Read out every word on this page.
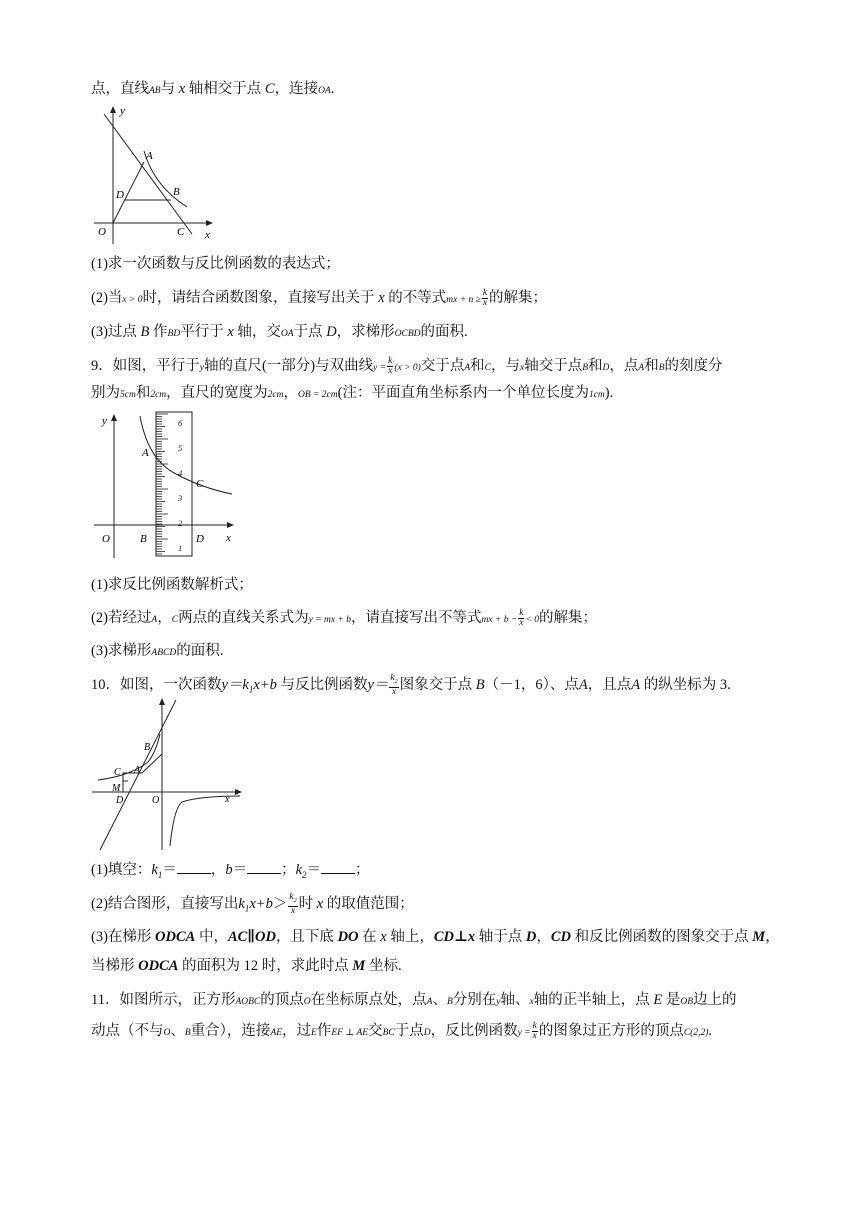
点，直线AB与 x 轴相交于点 C，连接OA.
y
x
A
B
C
D
O
(1)求一次函数与反比例函数的表达式；
(2)当x > 0时，请结合函数图象，直接写出关于 x 的不等式mx + $n \ge \frac{k}{x}$ 的解集；
(3)过点 B 作BD平行于 x 轴，交OA于点 D，求梯形OCBD的面积.
9．如图，平行于y轴的直尺(一部分)与双曲线$y = \frac{k}{x} (x > 0)$交于点A和C，与x轴交于点B和D，点A和B的刻度分
别为5cm和2cm，直尺的宽度为2cm，OB = 2cm(注：平面直角坐标系内一个单位长度为1cm).
y
x
A
B
C
D
O
6
5
4
3
2
1
(1)求反比例函数解析式；
(2)若经过A，C两点的直线关系式为y = mx + b，请直接写出不等式mx + $b - \frac{k}{x} < 0$的解集；
(3)求梯形ABCD的面积.
10．如图，一次函数$y=k_1x+b$ 与反比例函数$y= \frac{k_2}{x}$ 图象交于点 B（－1，6）、点A，且点A 的纵坐标为 3.
x
B
A
C
M
D	O
(1)填空：$k_1=$ ，b＝ ；$k_2=$ ；
(2)结合图形，直接写出$k_1x+b> \frac{k_2}{x}$ 时 x 的取值范围；
(3)在梯形 ODCA 中，AC∥OD，且下底 DO 在 x 轴上，CD⊥x 轴于点 D，CD 和反比例函数的图象交于点 M，
当梯形 ODCA 的面积为 12 时，求此时点 M 坐标.
11．如图所示，正方形AOBC的顶点O在坐标原点处，点A、B分别在y轴、x轴的正半轴上，点 E 是OB边上的
动点（不与O、B重合），连接AE，过E作EF ⊥ AE交BC于点D，反比例函数$y = \frac{k}{x}$ 的图象过正方形的顶点C(2,2).
